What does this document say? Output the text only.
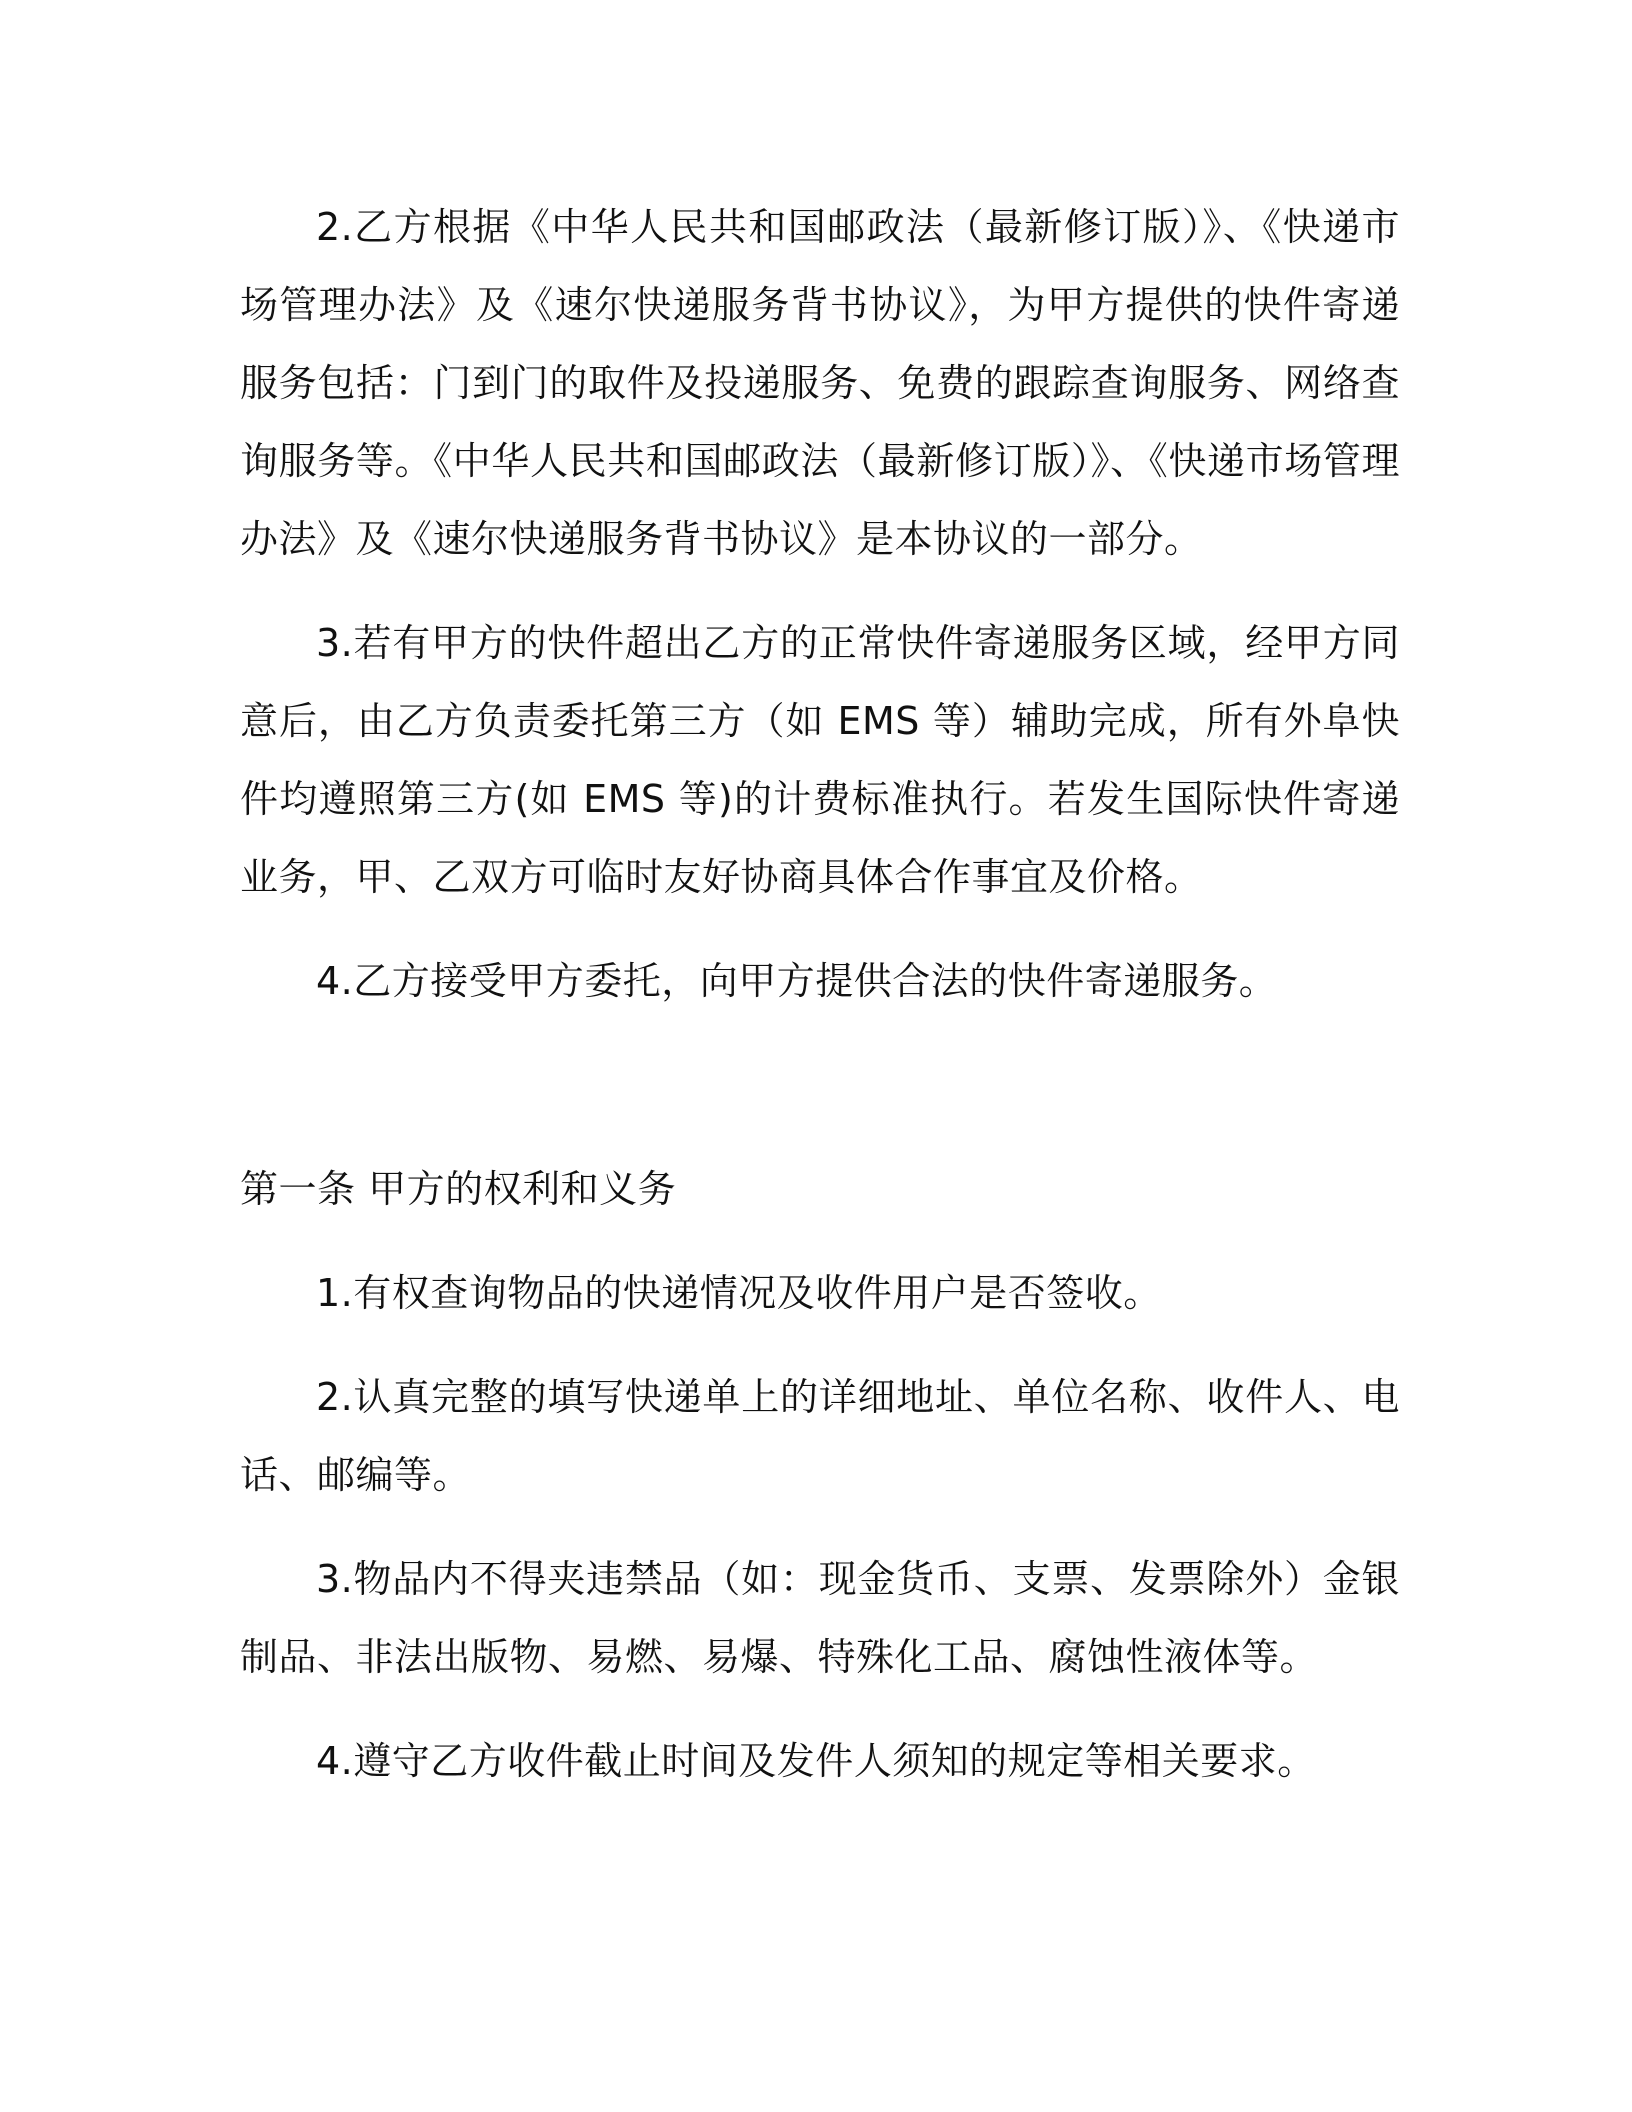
2.乙方根据《中华人民共和国邮政法（最新修订版）》、《快递市场管理办法》及《速尔快递服务背书协议》，为甲方提供的快件寄递服务包括：门到门的取件及投递服务、免费的跟踪查询服务、网络查询服务等。《中华人民共和国邮政法（最新修订版）》、《快递市场管理办法》及《速尔快递服务背书协议》是本协议的一部分。

3.若有甲方的快件超出乙方的正常快件寄递服务区域，经甲方同意后，由乙方负责委托第三方（如 EMS 等）辅助完成，所有外阜快件均遵照第三方(如 EMS 等)的计费标准执行。若发生国际快件寄递业务，甲、乙双方可临时友好协商具体合作事宜及价格。

4.乙方接受甲方委托，向甲方提供合法的快件寄递服务。

第一条 甲方的权利和义务

1.有权查询物品的快递情况及收件用户是否签收。

2.认真完整的填写快递单上的详细地址、单位名称、收件人、电话、邮编等。

3.物品内不得夹违禁品（如：现金货币、支票、发票除外）金银制品、非法出版物、易燃、易爆、特殊化工品、腐蚀性液体等。

4.遵守乙方收件截止时间及发件人须知的规定等相关要求。
